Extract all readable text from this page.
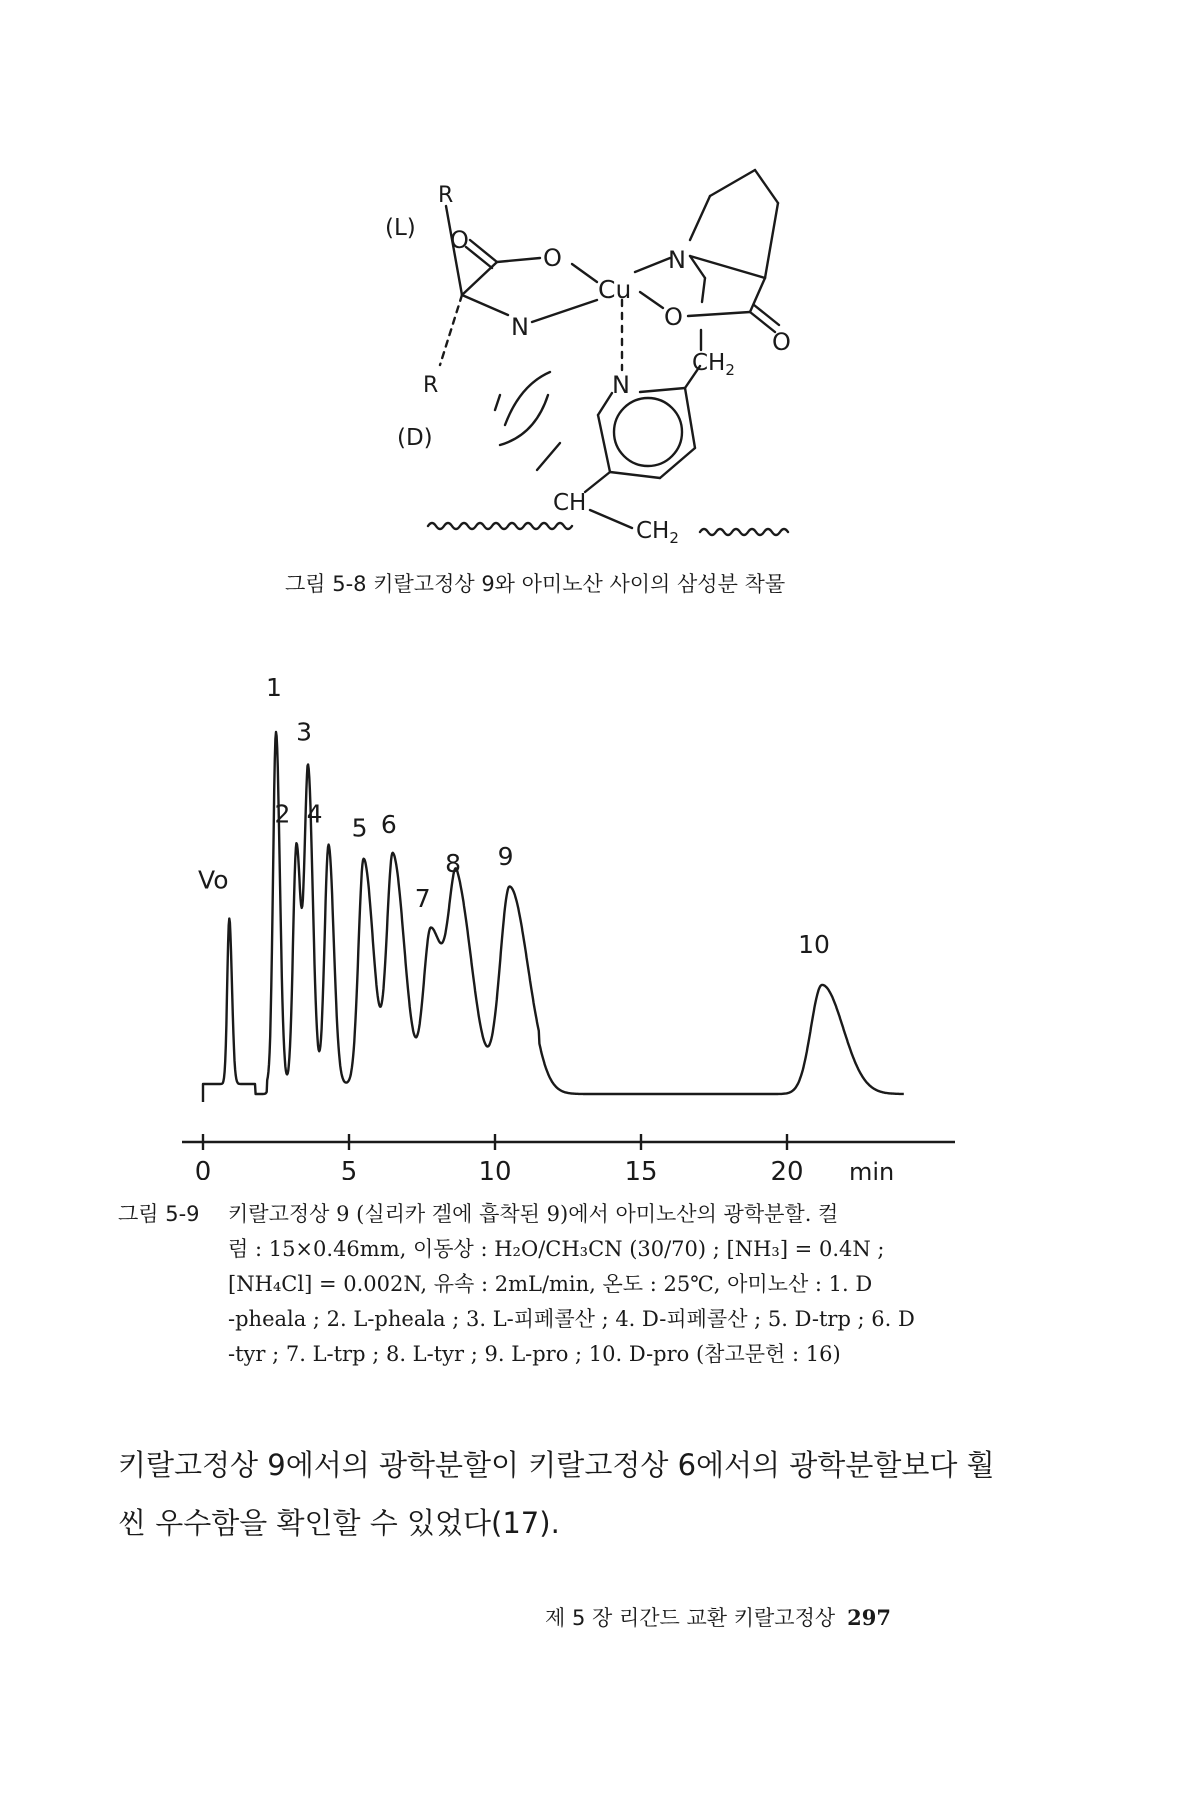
(L)
(D)
R
R
O
O
N
Cu
N
O
O
$CH_2$
N
CH
$CH_2$
그림 5-8 키랄고정상 9와 아미노산 사이의 삼성분 착물
0	5	10	15	20 min
Vo
1
2
3
4 5 6
7
8 9
10
그림 5-9 키랄고정상 9 (실리카 겔에 흡착된 9)에서 아미노산의 광학분할. 컬
럼 : 15×0.46mm, 이동상 : H₂O/CH₃CN (30/70) ; [NH₃] = 0.4N ;
[NH₄Cl] = 0.002N, 유속 : 2mL/min, 온도 : 25℃, 아미노산 : 1. D
-pheala ; 2. L-pheala ; 3. L-피페콜산 ; 4. D-피페콜산 ; 5. D-trp ; 6. D
-tyr ; 7. L-trp ; 8. L-tyr ; 9. L-pro ; 10. D-pro (참고문헌 : 16)
키랄고정상 9에서의 광학분할이 키랄고정상 6에서의 광학분할보다 훨
씬 우수함을 확인할 수 있었다(17).
제 5 장 리간드 교환 키랄고정상 297
